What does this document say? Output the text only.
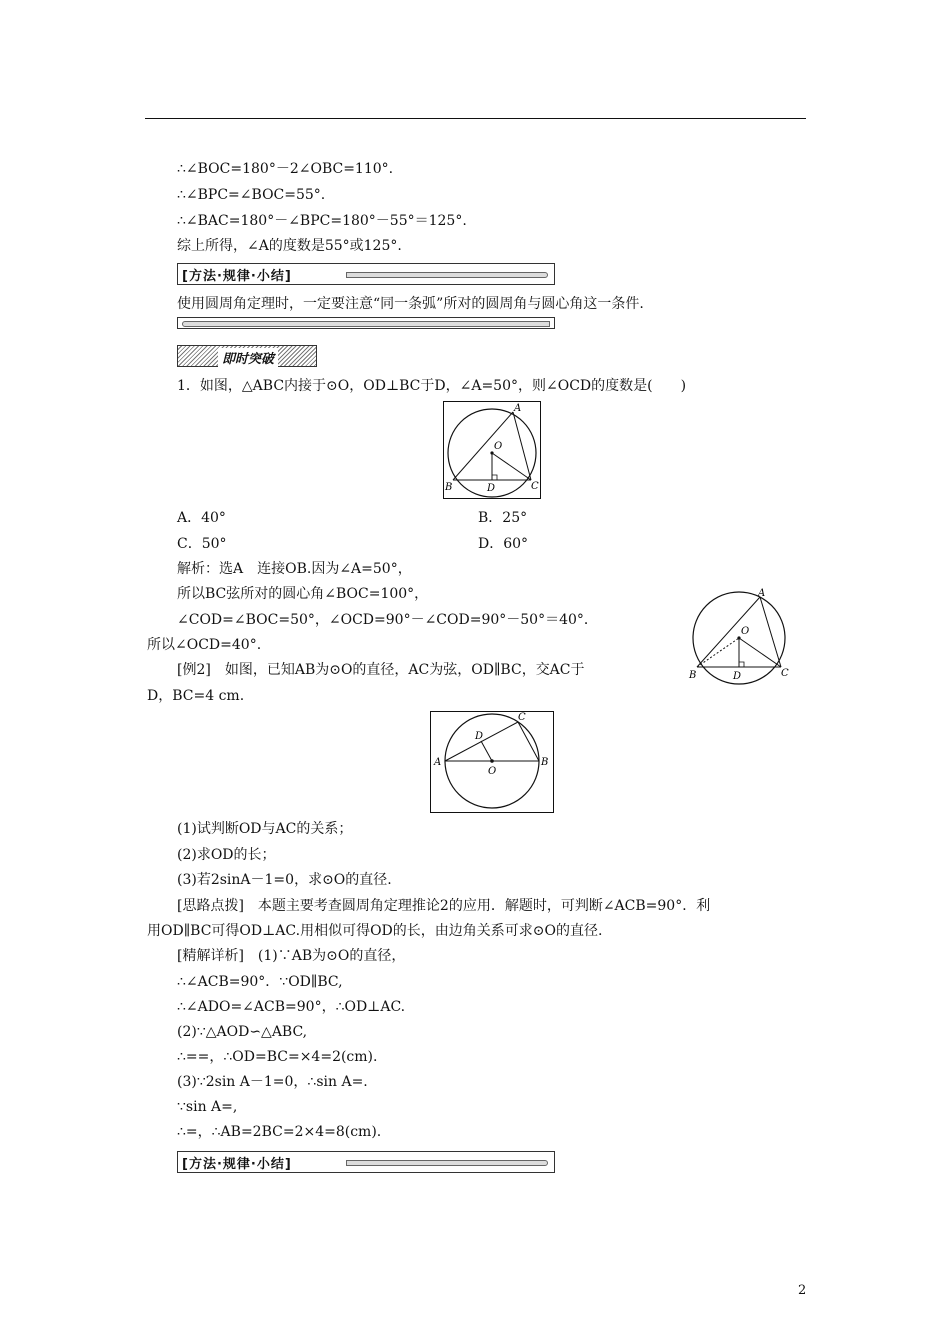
∴∠BOC=180°－2∠OBC=110°.
∴∠BPC=∠BOC=55°.
∴∠BAC=180°－∠BPC=180°－55°＝125°.
综上所得，∠A的度数是55°或125°.
[方法·规律·小结]
使用圆周角定理时，一定要注意“同一条弧”所对的圆周角与圆心角这一条件.
即时突破
1．如图，△ABC内接于⊙O，OD⊥BC于D，∠A=50°，则∠OCD的度数是(　　)
A
O
B	D	C
A．40°	B．25°
C．50°	D．60°
解析：选A　连接OB.因为∠A=50°，
所以BC弦所对的圆心角∠BOC=100°，
∠COD=∠BOC=50°，∠OCD=90°－∠COD=90°－50°＝40°．
所以∠OCD=40°.
A
O
B	D	C
[例2]　如图，已知AB为⊙O的直径，AC为弦，OD∥BC，交AC于
D，BC=4 cm.
C
D
A
O
B
(1)试判断OD与AC的关系；
(2)求OD的长；
(3)若2sinA－1=0，求⊙O的直径.
[思路点拨]　本题主要考查圆周角定理推论2的应用．解题时，可判断∠ACB=90°．利
用OD∥BC可得OD⊥AC.用相似可得OD的长，由边角关系可求⊙O的直径.
[精解详析]　(1)∵AB为⊙O的直径，
∴∠ACB=90°．∵OD∥BC,
∴∠ADO=∠ACB=90°，∴OD⊥AC.
(2)∵△AOD∽△ABC,
∴==，∴OD=BC=×4=2(cm).
(3)∵2sin A－1=0，∴sin A=.
∵sin A=,
∴=，∴AB=2BC=2×4=8(cm).
[方法·规律·小结]
2
